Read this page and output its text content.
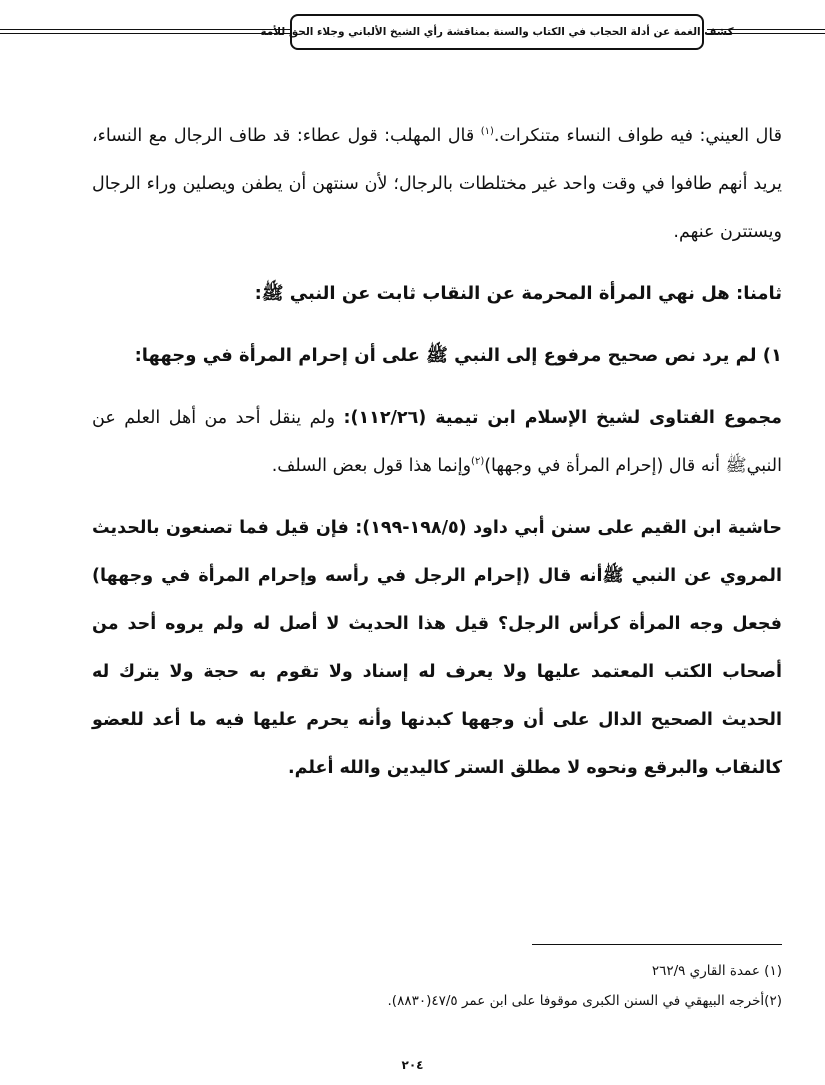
كشف الغمة عن أدلة الحجاب في الكتاب والسنة بمناقشة رأي الشيخ الألباني وجلاء الحق للأمة

قال العيني: فيه طواف النساء متنكرات.$^{(١)}$ قال المهلب: قول عطاء: قد طاف الرجال مع النساء، يريد أنهم طافوا في وقت واحد غير مختلطات بالرجال؛ لأن سنتهن أن يطفن ويصلين وراء الرجال ويستترن عنهم.

ثامنا: هل نهي المرأة المحرمة عن النقاب ثابت عن النبي ﷺ:

١) لم يرد نص صحيح مرفوع إلى النبي ﷺ على أن إحرام المرأة في وجهها:

مجموع الفتاوى لشيخ الإسلام ابن تيمية (١١٢/٢٦): ولم ينقل أحد من أهل العلم عن النبيﷺ أنه قال (إحرام المرأة في وجهها)$^{(٢)}$وإنما هذا قول بعض السلف.

حاشية ابن القيم على سنن أبي داود (١٩٨/٥-١٩٩): فإن قيل فما تصنعون بالحديث المروي عن النبي ﷺأنه قال (إحرام الرجل في رأسه وإحرام المرأة في وجهها) فجعل وجه المرأة كرأس الرجل؟ قيل هذا الحديث لا أصل له ولم يروه أحد من أصحاب الكتب المعتمد عليها ولا يعرف له إسناد ولا تقوم به حجة ولا يترك له الحديث الصحيح الدال على أن وجهها كبدنها وأنه يحرم عليها فيه ما أعد للعضو كالنقاب والبرقع ونحوه لا مطلق الستر كاليدين والله أعلم.

(١) عمدة القاري ٢٦٢/٩

(٢)أخرجه البيهقي في السنن الكبرى موقوفا على ابن عمر ٤٧/٥(٨٨٣٠).

٢٠٤
